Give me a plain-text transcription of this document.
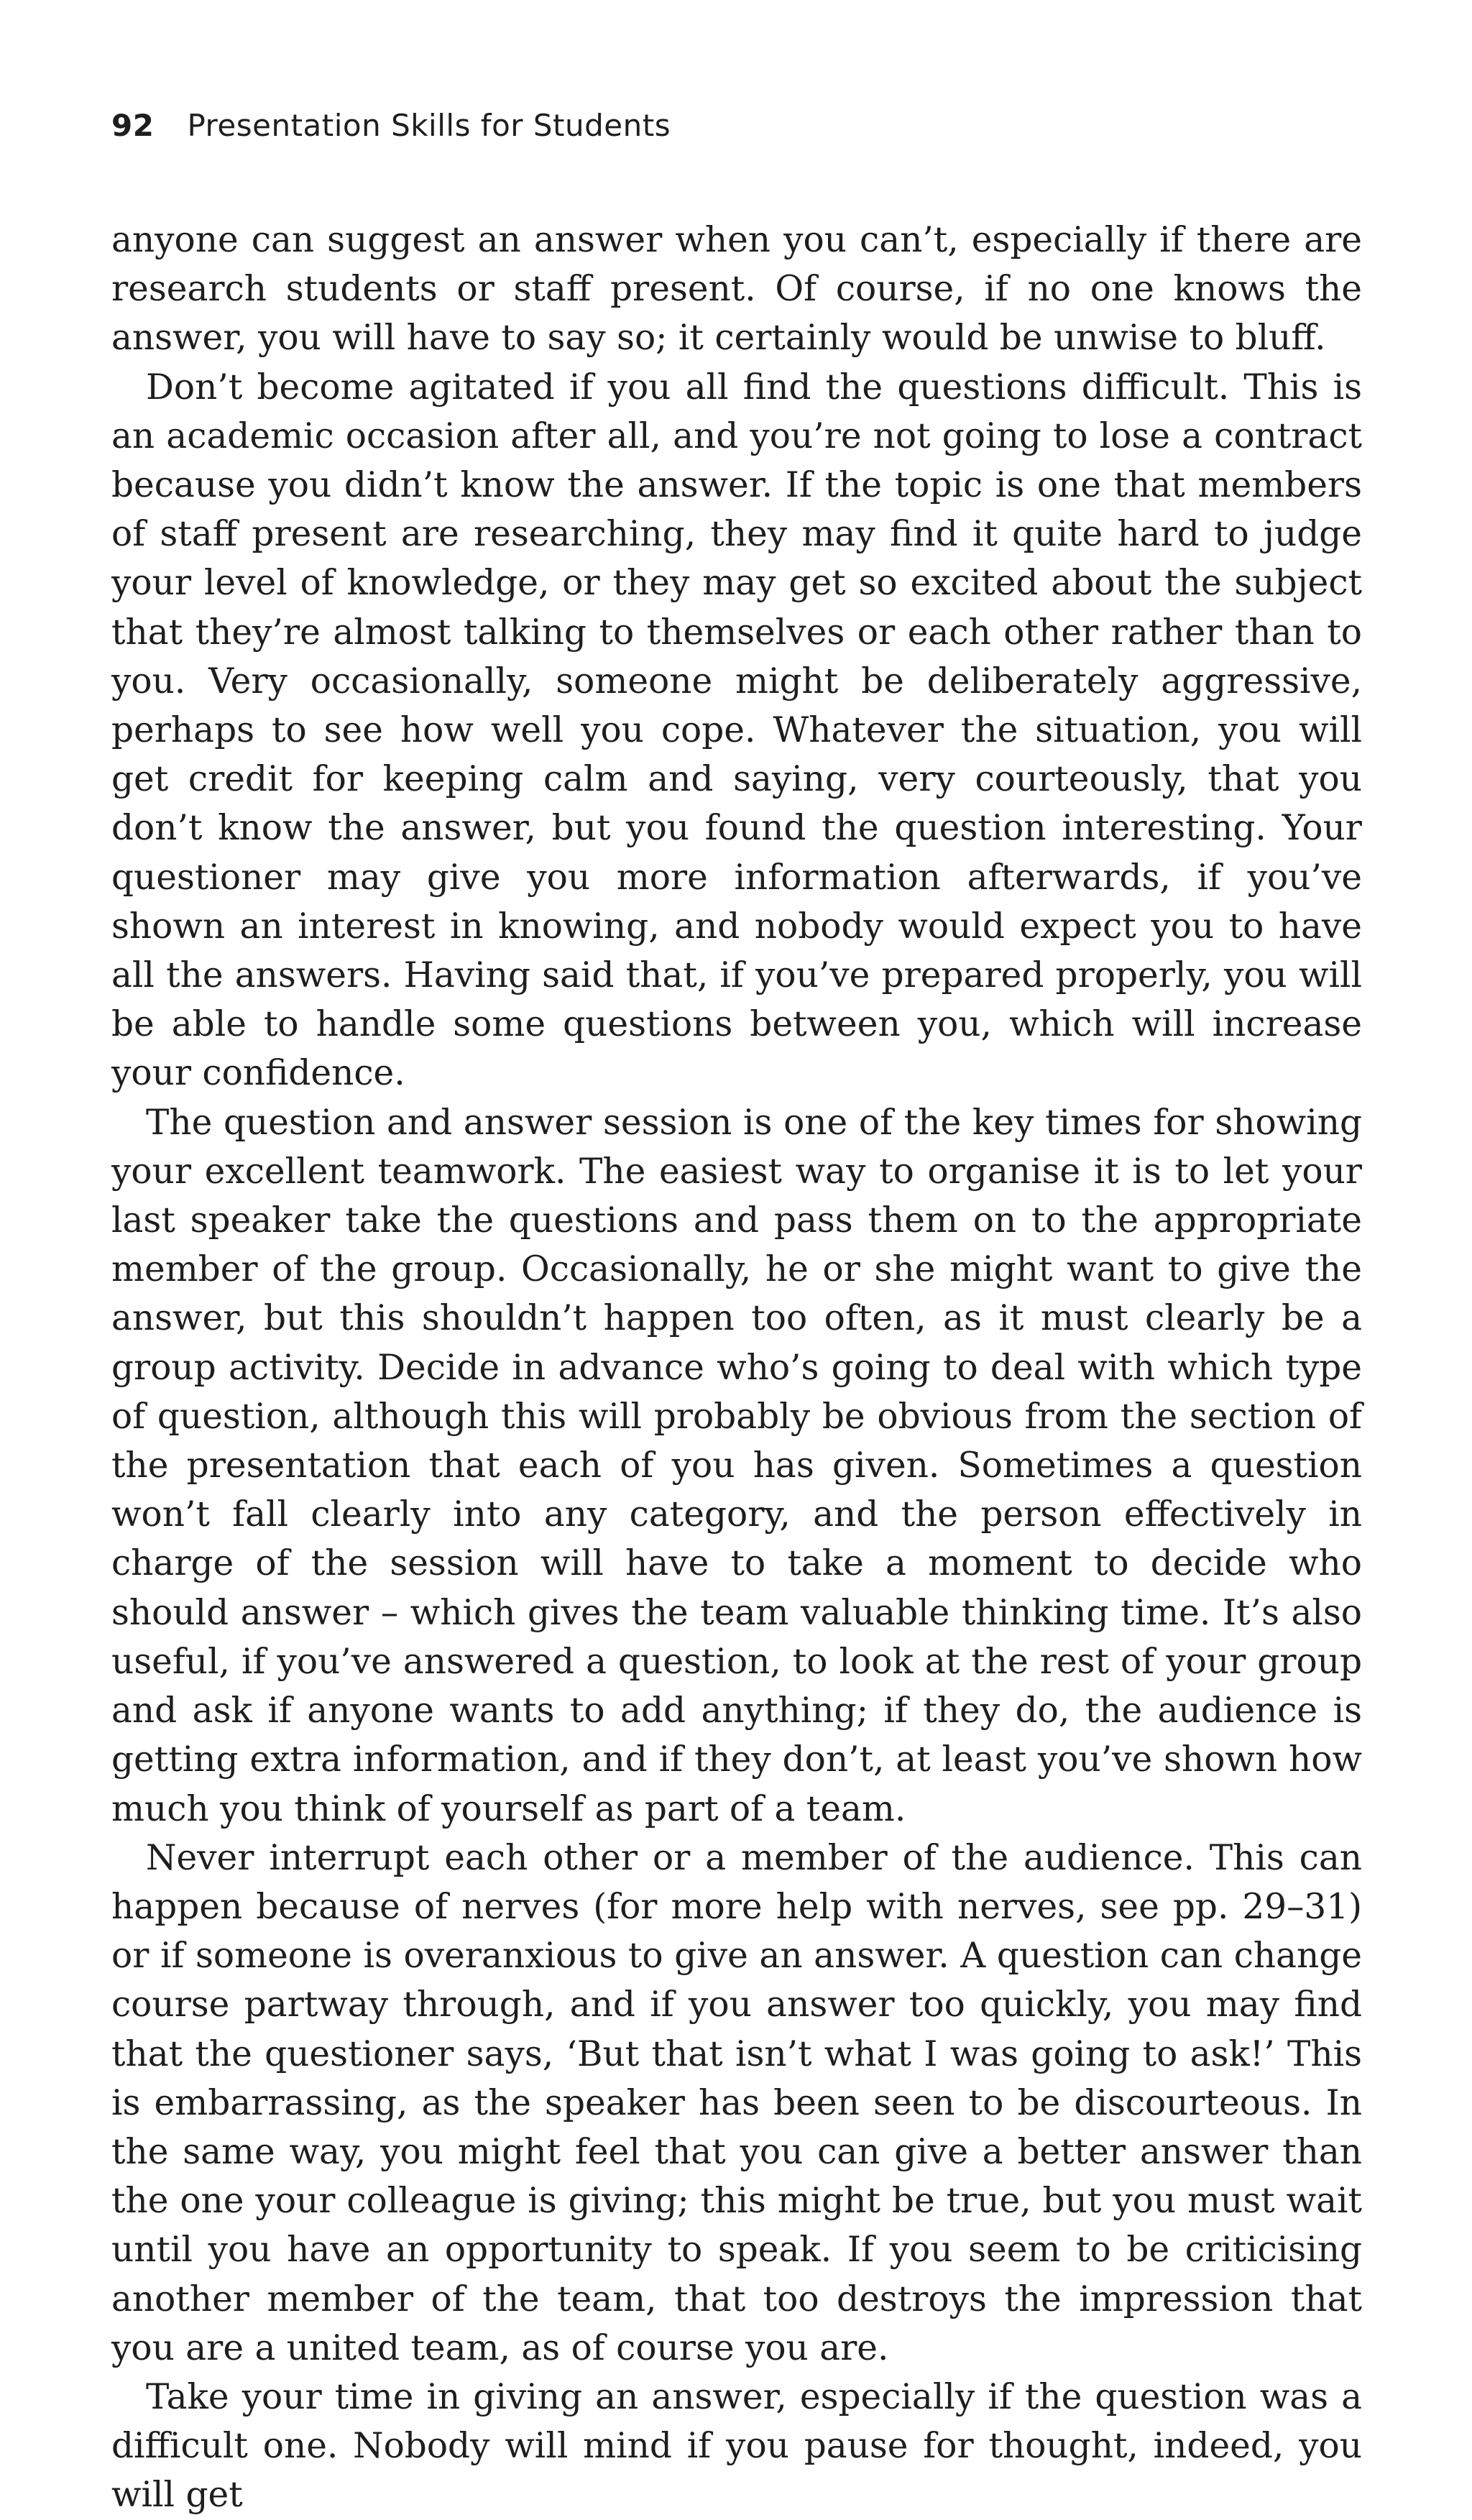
92 Presentation Skills for Students

anyone can suggest an answer when you can’t, especially if there are research students or staff present. Of course, if no one knows the answer, you will have to say so; it certainly would be unwise to bluff.

Don’t become agitated if you all find the questions difficult. This is an academic occasion after all, and you’re not going to lose a contract because you didn’t know the answer. If the topic is one that members of staff present are researching, they may find it quite hard to judge your level of knowledge, or they may get so excited about the subject that they’re almost talking to themselves or each other rather than to you. Very occasionally, someone might be deliberately aggressive, perhaps to see how well you cope. Whatever the situation, you will get credit for keeping calm and saying, very courteously, that you don’t know the answer, but you found the question interesting. Your questioner may give you more information afterwards, if you’ve shown an interest in knowing, and nobody would expect you to have all the answers. Having said that, if you’ve prepared properly, you will be able to handle some questions between you, which will increase your confidence.

The question and answer session is one of the key times for showing your excellent teamwork. The easiest way to organise it is to let your last speaker take the questions and pass them on to the appropriate member of the group. Occasionally, he or she might want to give the answer, but this shouldn’t happen too often, as it must clearly be a group activity. Decide in advance who’s going to deal with which type of question, although this will probably be obvious from the section of the presentation that each of you has given. Sometimes a question won’t fall clearly into any category, and the person effectively in charge of the session will have to take a moment to decide who should answer – which gives the team valuable thinking time. It’s also useful, if you’ve answered a question, to look at the rest of your group and ask if anyone wants to add anything; if they do, the audience is getting extra information, and if they don’t, at least you’ve shown how much you think of yourself as part of a team.

Never interrupt each other or a member of the audience. This can happen because of nerves (for more help with nerves, see pp. 29–31) or if someone is overanxious to give an answer. A question can change course partway through, and if you answer too quickly, you may find that the questioner says, ‘But that isn’t what I was going to ask!’ This is embarrassing, as the speaker has been seen to be discourteous. In the same way, you might feel that you can give a better answer than the one your colleague is giving; this might be true, but you must wait until you have an opportunity to speak. If you seem to be criticising another member of the team, that too destroys the impression that you are a united team, as of course you are.

Take your time in giving an answer, especially if the question was a difficult one. Nobody will mind if you pause for thought, indeed, you will get
